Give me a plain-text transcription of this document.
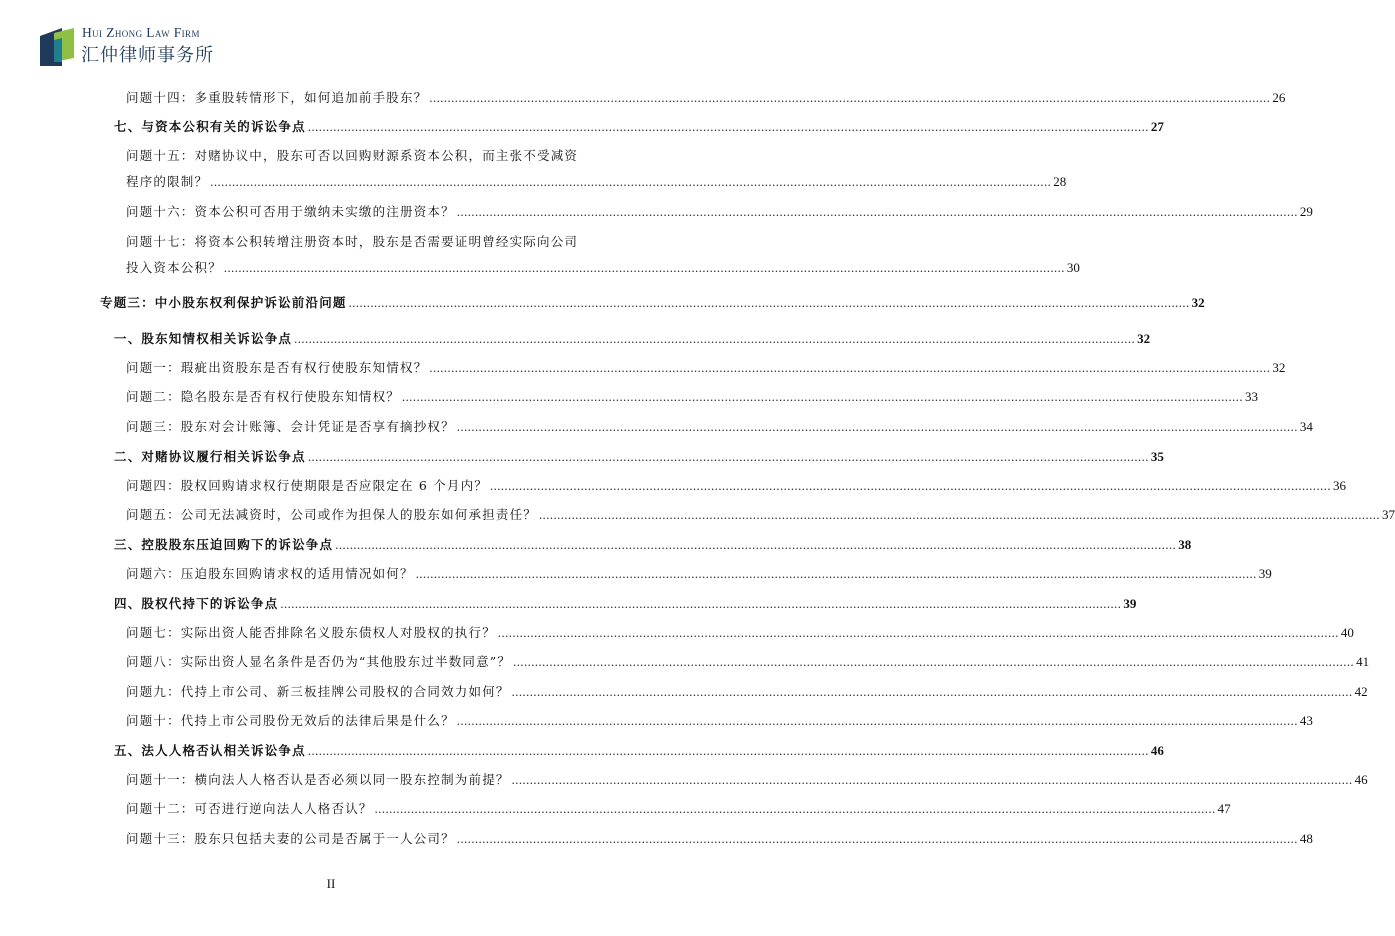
Hui Zhong Law Firm
汇仲律师事务所
问题十四：多重股转情形下，如何追加前手股东？ ........................................................................................................................................................................................................................................ 26
七、与资本公积有关的诉讼争点 ........................................................................................................................................................................................................................................ 27
问题十五：对赌协议中，股东可否以回购财源系资本公积，而主张不受减资
程序的限制？ ........................................................................................................................................................................................................................................ 28
问题十六：资本公积可否用于缴纳未实缴的注册资本？ ........................................................................................................................................................................................................................................ 29
问题十七：将资本公积转增注册资本时，股东是否需要证明曾经实际向公司
投入资本公积？ ........................................................................................................................................................................................................................................ 30
专题三：中小股东权利保护诉讼前沿问题 ........................................................................................................................................................................................................................................ 32
一、股东知情权相关诉讼争点 ........................................................................................................................................................................................................................................ 32
问题一：瑕疵出资股东是否有权行使股东知情权？ ........................................................................................................................................................................................................................................ 32
问题二：隐名股东是否有权行使股东知情权？ ........................................................................................................................................................................................................................................ 33
问题三：股东对会计账簿、会计凭证是否享有摘抄权？ ........................................................................................................................................................................................................................................ 34
二、对赌协议履行相关诉讼争点 ........................................................................................................................................................................................................................................ 35
问题四：股权回购请求权行使期限是否应限定在 6 个月内？ ........................................................................................................................................................................................................................................ 36
问题五：公司无法减资时，公司或作为担保人的股东如何承担责任？ ........................................................................................................................................................................................................................................ 37
三、控股股东压迫回购下的诉讼争点 ........................................................................................................................................................................................................................................ 38
问题六：压迫股东回购请求权的适用情况如何？ ........................................................................................................................................................................................................................................ 39
四、股权代持下的诉讼争点 ........................................................................................................................................................................................................................................ 39
问题七：实际出资人能否排除名义股东债权人对股权的执行？ ........................................................................................................................................................................................................................................ 40
问题八：实际出资人显名条件是否仍为“其他股东过半数同意”？ ........................................................................................................................................................................................................................................ 41
问题九：代持上市公司、新三板挂牌公司股权的合同效力如何？ ........................................................................................................................................................................................................................................ 42
问题十：代持上市公司股份无效后的法律后果是什么？ ........................................................................................................................................................................................................................................ 43
五、法人人格否认相关诉讼争点 ........................................................................................................................................................................................................................................ 46
问题十一：横向法人人格否认是否必须以同一股东控制为前提？ ........................................................................................................................................................................................................................................ 46
问题十二：可否进行逆向法人人格否认？ ........................................................................................................................................................................................................................................ 47
问题十三：股东只包括夫妻的公司是否属于一人公司？ ........................................................................................................................................................................................................................................ 48
II
